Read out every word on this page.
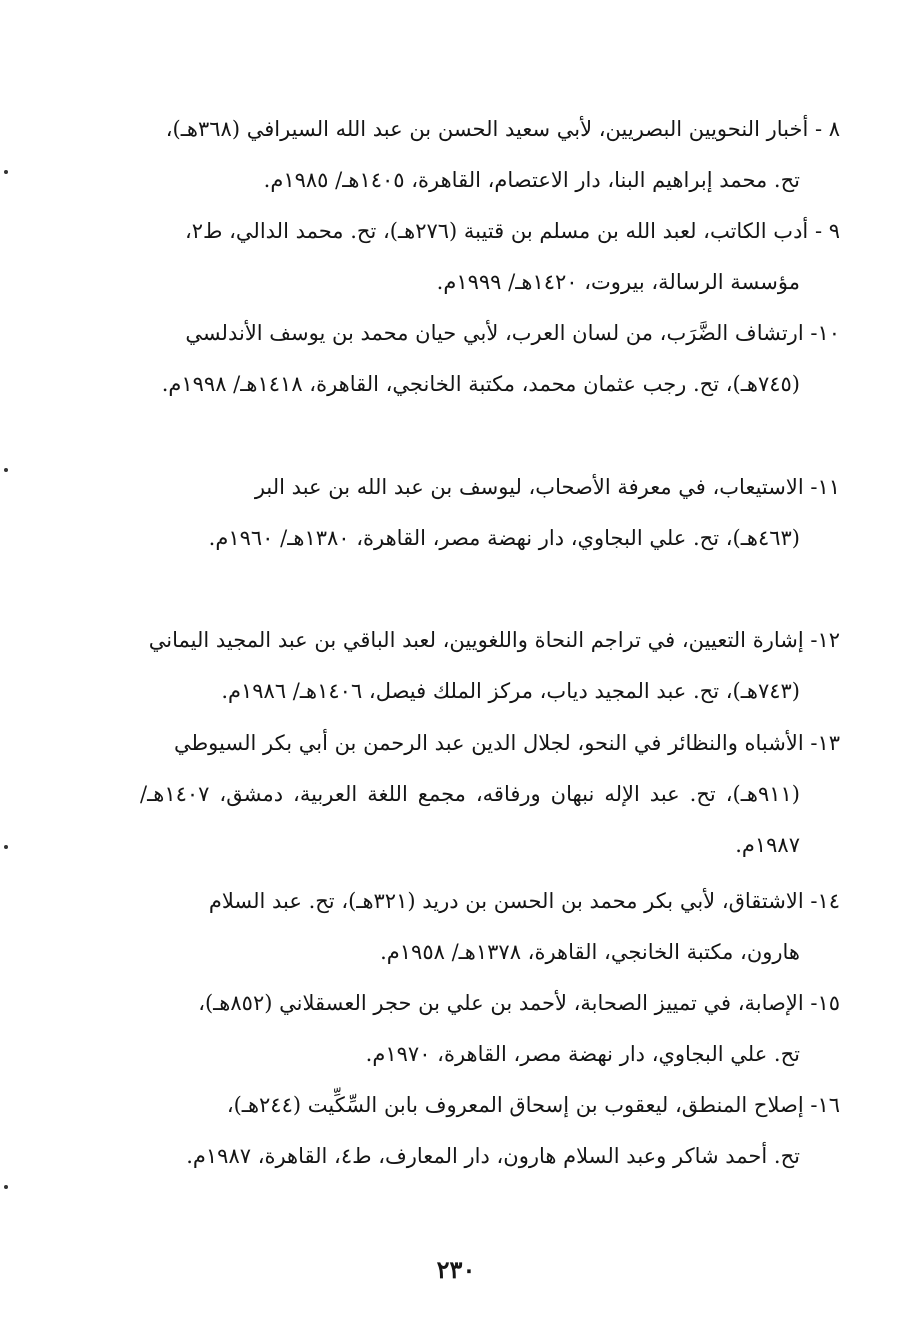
٨ - أخبار النحويين البصريين، لأبي سعيد الحسن بن عبد الله السيرافي (٣٦٨هـ)،
تح. محمد إبراهيم البنا، دار الاعتصام، القاهرة، ١٤٠٥هـ/ ١٩٨٥م.
٩ - أدب الكاتب، لعبد الله بن مسلم بن قتيبة (٢٧٦هـ)، تح. محمد الدالي، ط٢،
مؤسسة الرسالة، بيروت، ١٤٢٠هـ/ ١٩٩٩م.
١٠- ارتشاف الضَّرَب، من لسان العرب، لأبي حيان محمد بن يوسف الأندلسي
(٧٤٥هـ)، تح. رجب عثمان محمد، مكتبة الخانجي، القاهرة، ١٤١٨هـ/ ١٩٩٨م.
١١- الاستيعاب، في معرفة الأصحاب، ليوسف بن عبد الله بن عبد البر
(٤٦٣هـ)، تح. علي البجاوي، دار نهضة مصر، القاهرة، ١٣٨٠هـ/ ١٩٦٠م.
١٢- إشارة التعيين، في تراجم النحاة واللغويين، لعبد الباقي بن عبد المجيد اليماني
(٧٤٣هـ)، تح. عبد المجيد دياب، مركز الملك فيصل، ١٤٠٦هـ/ ١٩٨٦م.
١٣- الأشباه والنظائر في النحو، لجلال الدين عبد الرحمن بن أبي بكر السيوطي
(٩١١هـ)، تح. عبد الإله نبهان ورفاقه، مجمع اللغة العربية، دمشق، ١٤٠٧هـ/ ١٩٨٧م.
١٤- الاشتقاق، لأبي بكر محمد بن الحسن بن دريد (٣٢١هـ)، تح. عبد السلام
هارون، مكتبة الخانجي، القاهرة، ١٣٧٨هـ/ ١٩٥٨م.
١٥- الإصابة، في تمييز الصحابة، لأحمد بن علي بن حجر العسقلاني (٨٥٢هـ)،
تح. علي البجاوي، دار نهضة مصر، القاهرة، ١٩٧٠م.
١٦- إصلاح المنطق، ليعقوب بن إسحاق المعروف بابن السِّكِّيت (٢٤٤هـ)،
تح. أحمد شاكر وعبد السلام هارون، دار المعارف، ط٤، القاهرة، ١٩٨٧م.
٢٣٠
